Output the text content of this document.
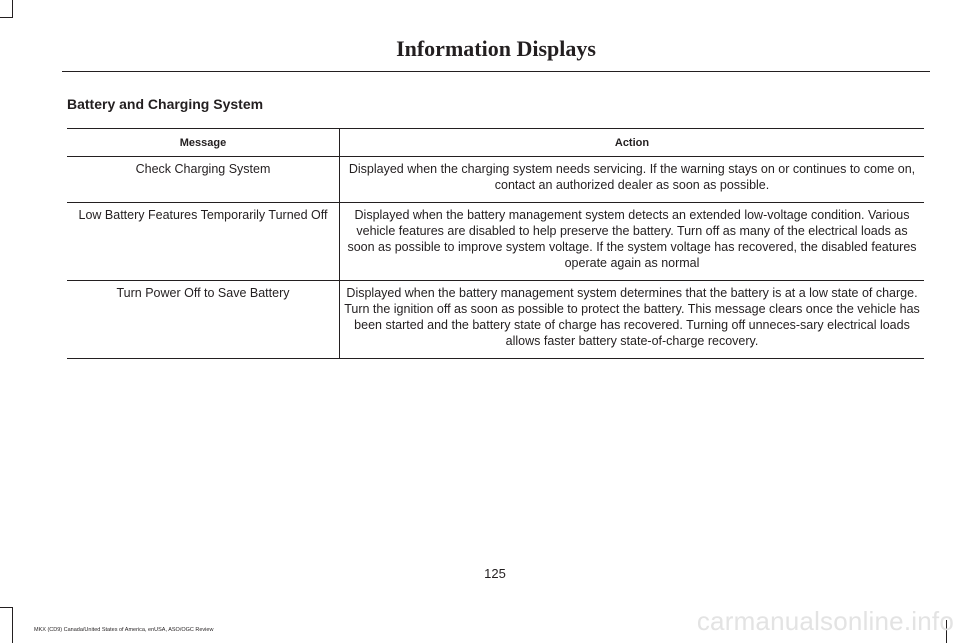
Information Displays
Battery and Charging System
Message	Action
Check Charging System	Displayed when the charging system needs servicing. If the warning stays on or continues to come on, contact an authorized dealer as soon as possible.
Low Battery Features Temporarily Turned Off	Displayed when the battery management system detects an extended low-voltage condition. Various vehicle features are disabled to help preserve the battery. Turn off as many of the electrical loads as soon as possible to improve system voltage. If the system voltage has recovered, the disabled features operate again as normal
Turn Power Off to Save Battery	Displayed when the battery management system determines that the battery is at a low state of charge. Turn the ignition off as soon as possible to protect the battery. This message clears once the vehicle has been started and the battery state of charge has recovered. Turning off unneces-sary electrical loads allows faster battery state-of-charge recovery.
125
MKX (CD9) Canada/United States of America, enUSA, ASO/OGC Review	carmanualsonline.info
